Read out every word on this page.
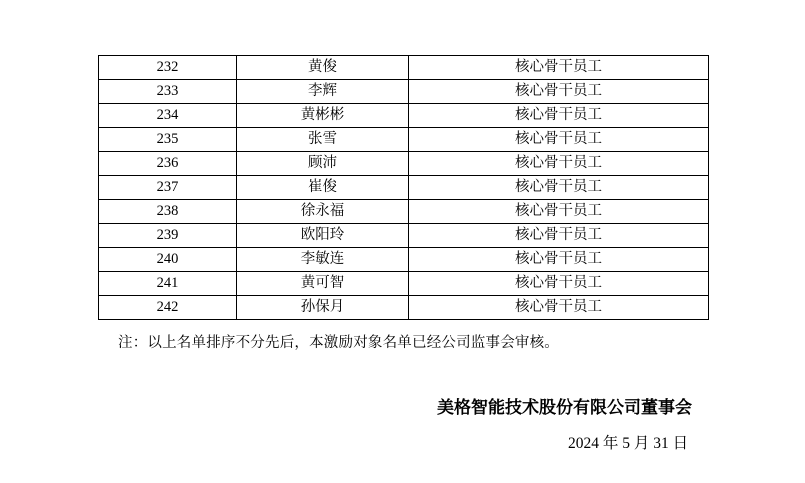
232	黄俊	核心骨干员工
233	李辉	核心骨干员工
234	黄彬彬	核心骨干员工
235	张雪	核心骨干员工
236	顾沛	核心骨干员工
237	崔俊	核心骨干员工
238	徐永福	核心骨干员工
239	欧阳玲	核心骨干员工
240	李敏连	核心骨干员工
241	黄可智	核心骨干员工
242	孙保月	核心骨干员工
注：以上名单排序不分先后，本激励对象名单已经公司监事会审核。
美格智能技术股份有限公司董事会
2024 年 5 月 31 日
